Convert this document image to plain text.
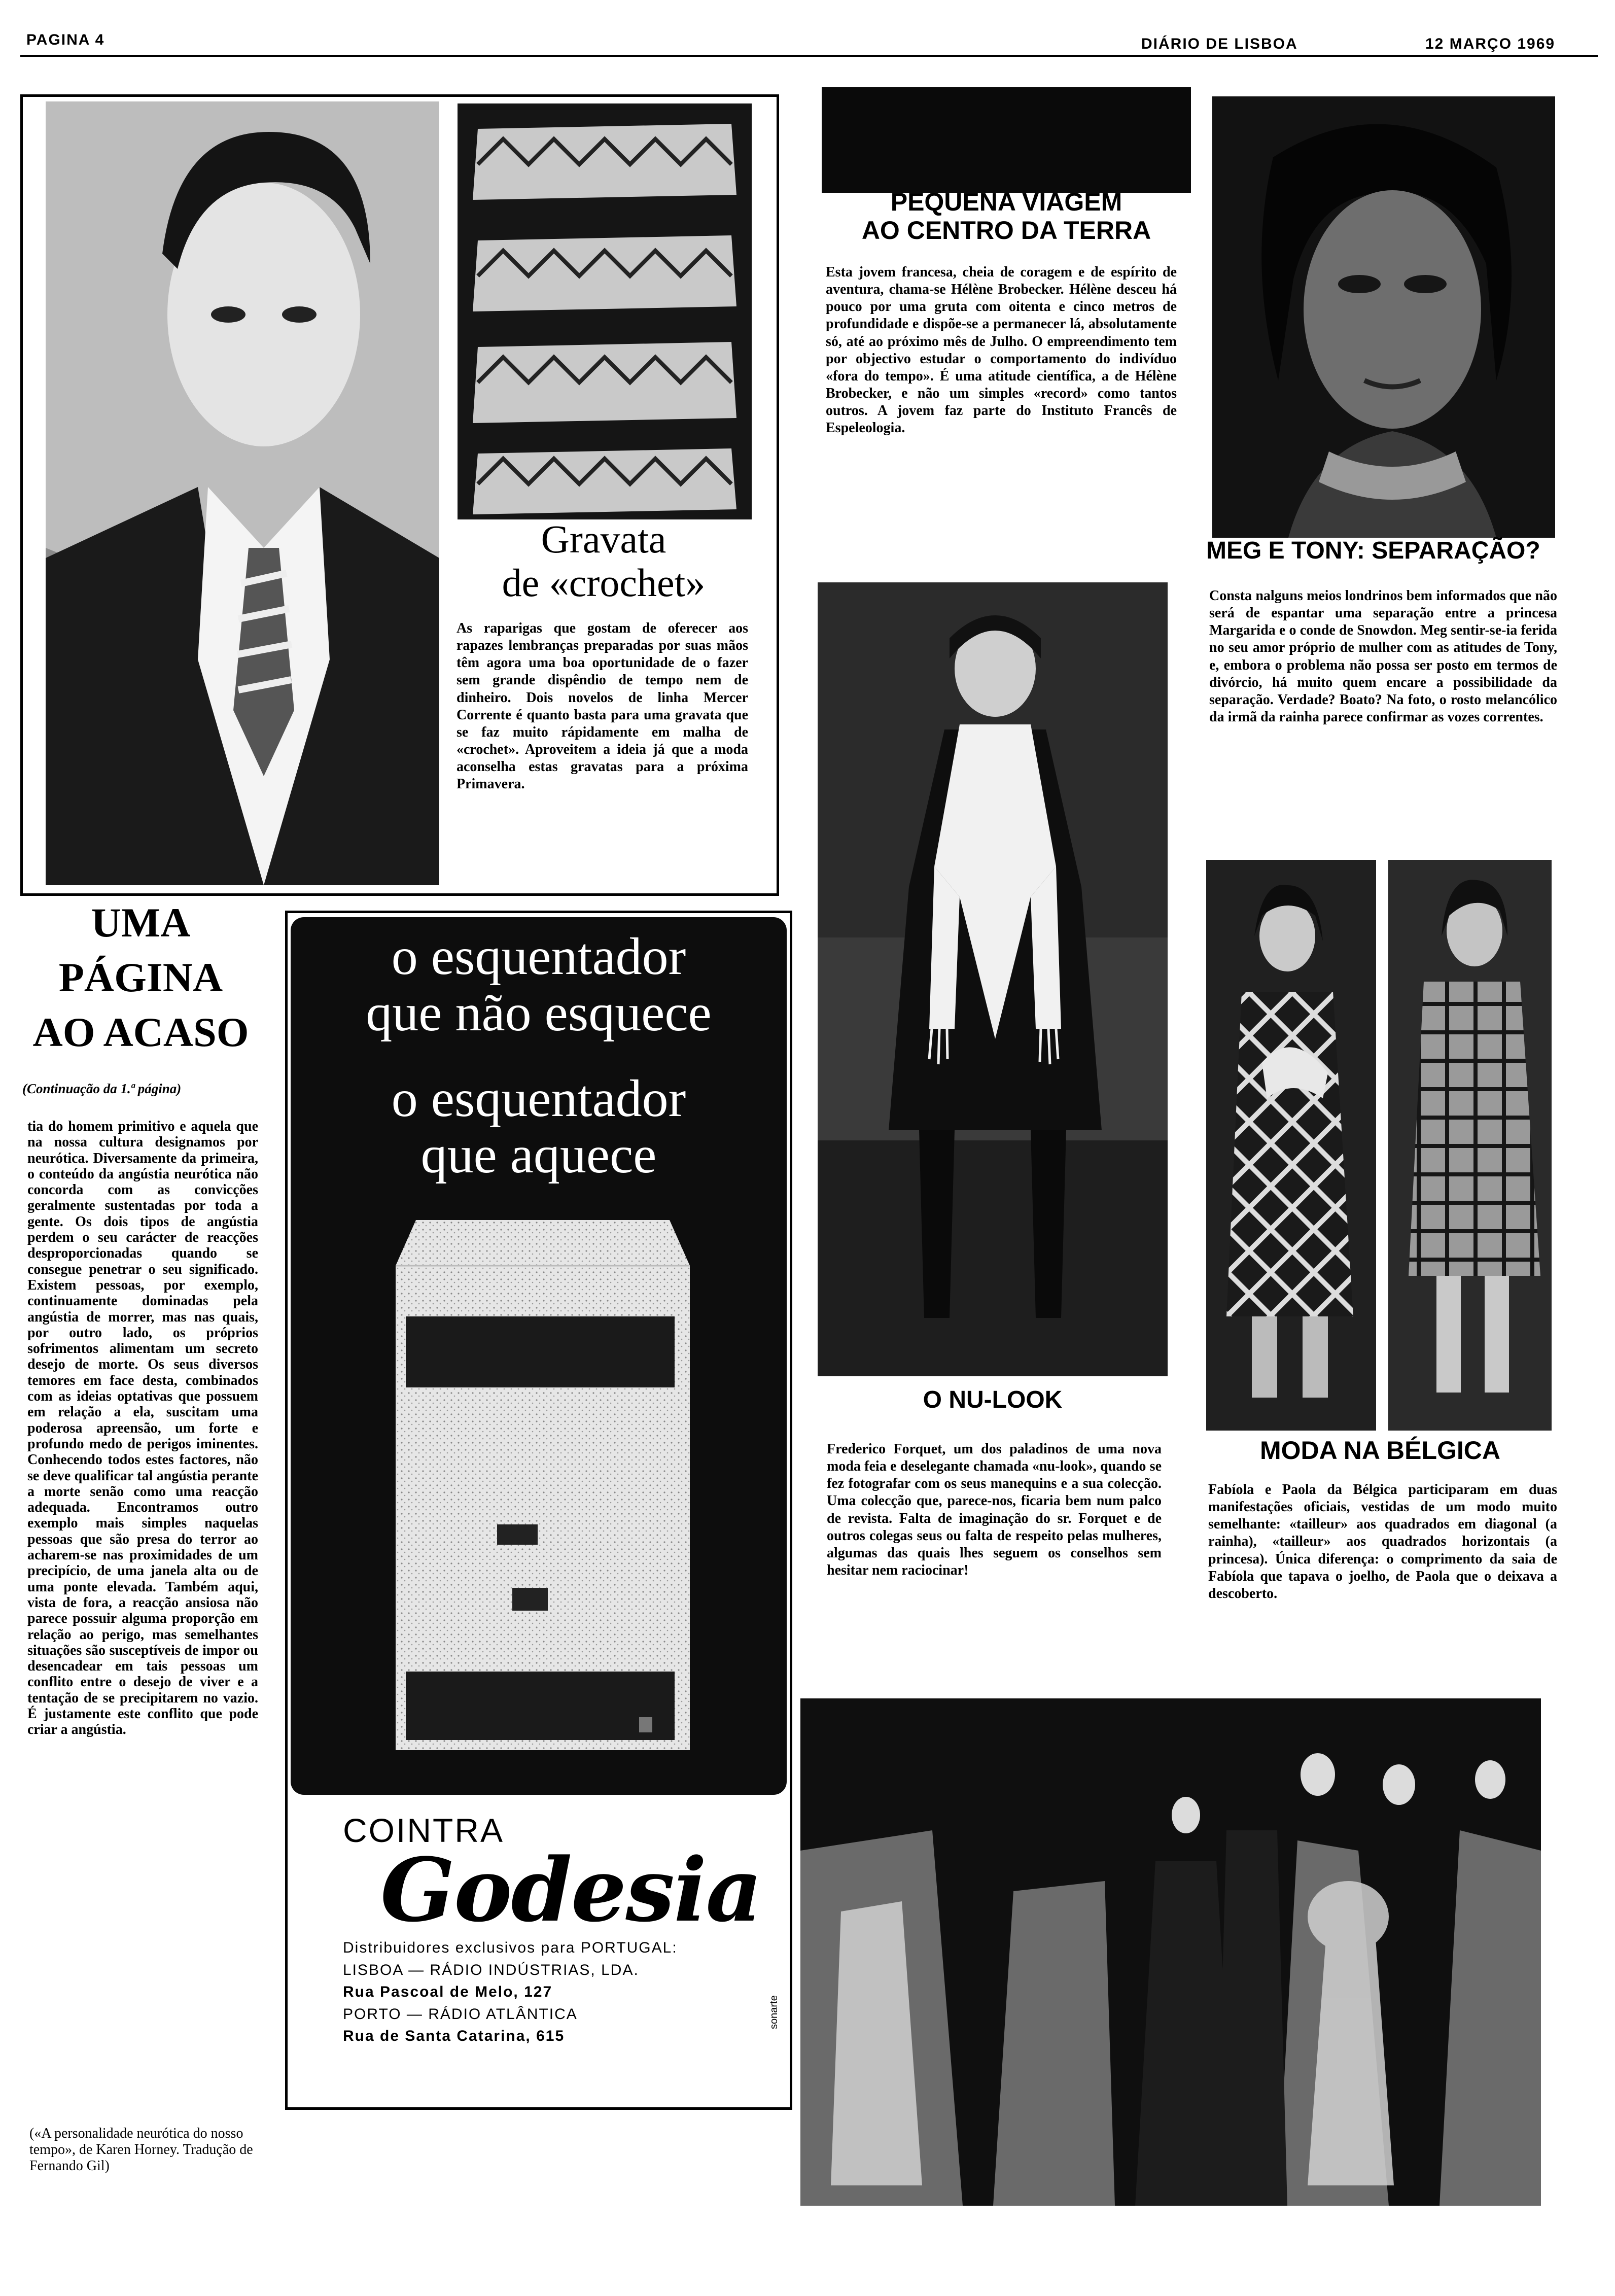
PAGINA 4	DIÁRIO DE LISBOA	12 MARÇO 1969
Gravata
de «crochet»
As raparigas que gostam de oferecer aos rapazes lembranças preparadas por suas mãos têm agora uma boa oportunidade de o fazer sem grande dispêndio de tempo nem de dinheiro. Dois novelos de linha Mercer Corrente é quanto basta para uma gravata que se faz muito rápidamente em malha de «crochet». Aproveitem a ideia já que a moda aconselha estas gravatas para a próxima Primavera.
UMA
PÁGINA
AO ACASO
(Continuação da 1.ª página)
tia do homem primitivo e aquela que na nossa cultura designamos por neurótica. Diversamente da primeira, o conteúdo da angústia neurótica não concorda com as convicções geralmente sustentadas por toda a gente. Os dois tipos de angústia perdem o seu carácter de reacções desproporcionadas quando se consegue penetrar o seu significado. Existem pessoas, por exemplo, continuamente dominadas pela angústia de morrer, mas nas quais, por outro lado, os próprios sofrimentos alimentam um secreto desejo de morte. Os seus diversos temores em face desta, combinados com as ideias optativas que possuem em relação a ela, suscitam uma poderosa apreensão, um forte e profundo medo de perigos iminentes. Conhecendo todos estes factores, não se deve qualificar tal angústia perante a morte senão como uma reacção adequada. Encontramos outro exemplo mais simples naquelas pessoas que são presa do terror ao acharem-se nas proximidades de um precipício, de uma janela alta ou de uma ponte elevada. Também aqui, vista de fora, a reacção ansiosa não parece possuir alguma proporção em relação ao perigo, mas semelhantes situações são susceptíveis de impor ou desencadear em tais pessoas um conflito entre o desejo de viver e a tentação de se precipitarem no vazio. É justamente este conflito que pode criar a angústia.
(«A personalidade neurótica do nosso tempo», de Karen Horney. Tradução de Fernando Gil)
o esquentador
que não esquece
o esquentador
que aquece
COINTRA
Godesia
Distribuidores exclusivos para PORTUGAL:
LISBOA — RÁDIO INDÚSTRIAS, LDA.
Rua Pascoal de Melo, 127
PORTO — RÁDIO ATLÂNTICA
Rua de Santa Catarina, 615
sonarte
PEQUENA VIAGEM
AO CENTRO DA TERRA
Esta jovem francesa, cheia de coragem e de espírito de aventura, chama-se Hélène Brobecker. Hélène desceu há pouco por uma gruta com oitenta e cinco metros de profundidade e dispõe-se a permanecer lá, absolutamente só, até ao próximo mês de Julho. O empreendimento tem por objectivo estudar o comportamento do indivíduo «fora do tempo». É uma atitude científica, a de Hélène Brobecker, e não um simples «record» como tantos outros. A jovem faz parte do Instituto Francês de Espeleologia.
MEG E TONY: SEPARAÇÃO?
Consta nalguns meios londrinos bem informados que não será de espantar uma separação entre a princesa Margarida e o conde de Snowdon. Meg sentir-se-ia ferida no seu amor próprio de mulher com as atitudes de Tony, e, embora o problema não possa ser posto em termos de divórcio, há muito quem encare a possibilidade da separação. Verdade? Boato? Na foto, o rosto melancólico da irmã da rainha parece confirmar as vozes correntes.
O NU-LOOK
Frederico Forquet, um dos paladinos de uma nova moda feia e deselegante chamada «nu-look», quando se fez fotografar com os seus manequins e a sua colecção. Uma colecção que, parece-nos, ficaria bem num palco de revista. Falta de imaginação do sr. Forquet e de outros colegas seus ou falta de respeito pelas mulheres, algumas das quais lhes seguem os conselhos sem hesitar nem raciocinar!
MODA NA BÉLGICA
Fabíola e Paola da Bélgica participaram em duas manifestações oficiais, vestidas de um modo muito semelhante: «tailleur» aos quadrados em diagonal (a rainha), «tailleur» aos quadrados horizontais (a princesa). Única diferença: o comprimento da saia de Fabíola que tapava o joelho, de Paola que o deixava a descoberto.
